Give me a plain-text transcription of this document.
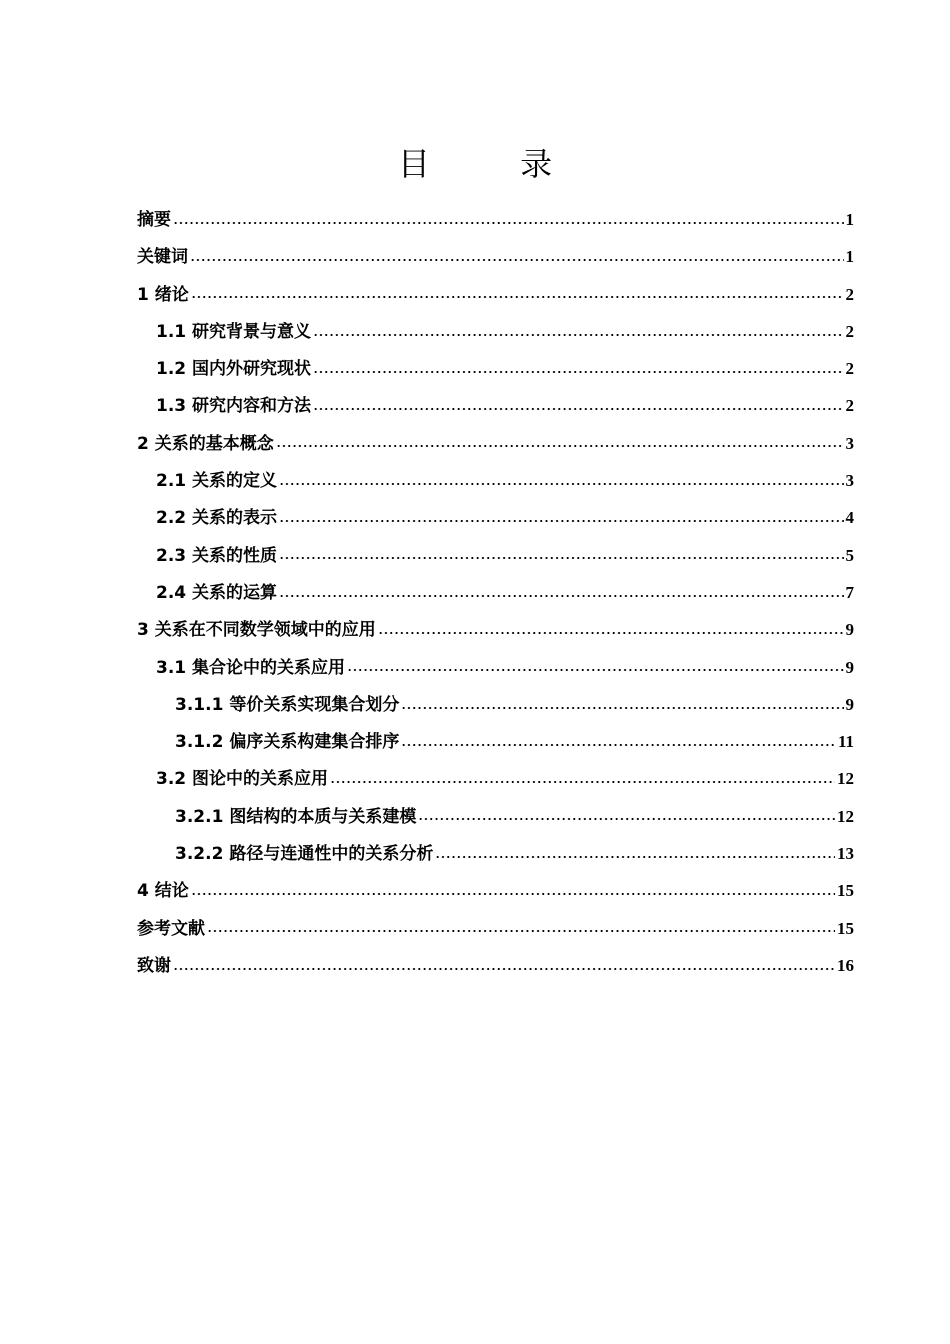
目 录
摘要	1
关键词	1
1 绪论	2
1.1 研究背景与意义	2
1.2 国内外研究现状	2
1.3 研究内容和方法	2
2 关系的基本概念	3
2.1 关系的定义	3
2.2 关系的表示	4
2.3 关系的性质	5
2.4 关系的运算	7
3 关系在不同数学领域中的应用	9
3.1 集合论中的关系应用	9
3.1.1 等价关系实现集合划分	9
3.1.2 偏序关系构建集合排序	11
3.2 图论中的关系应用	12
3.2.1 图结构的本质与关系建模	12
3.2.2 路径与连通性中的关系分析	13
4 结论	15
参考文献	15
致谢	16
